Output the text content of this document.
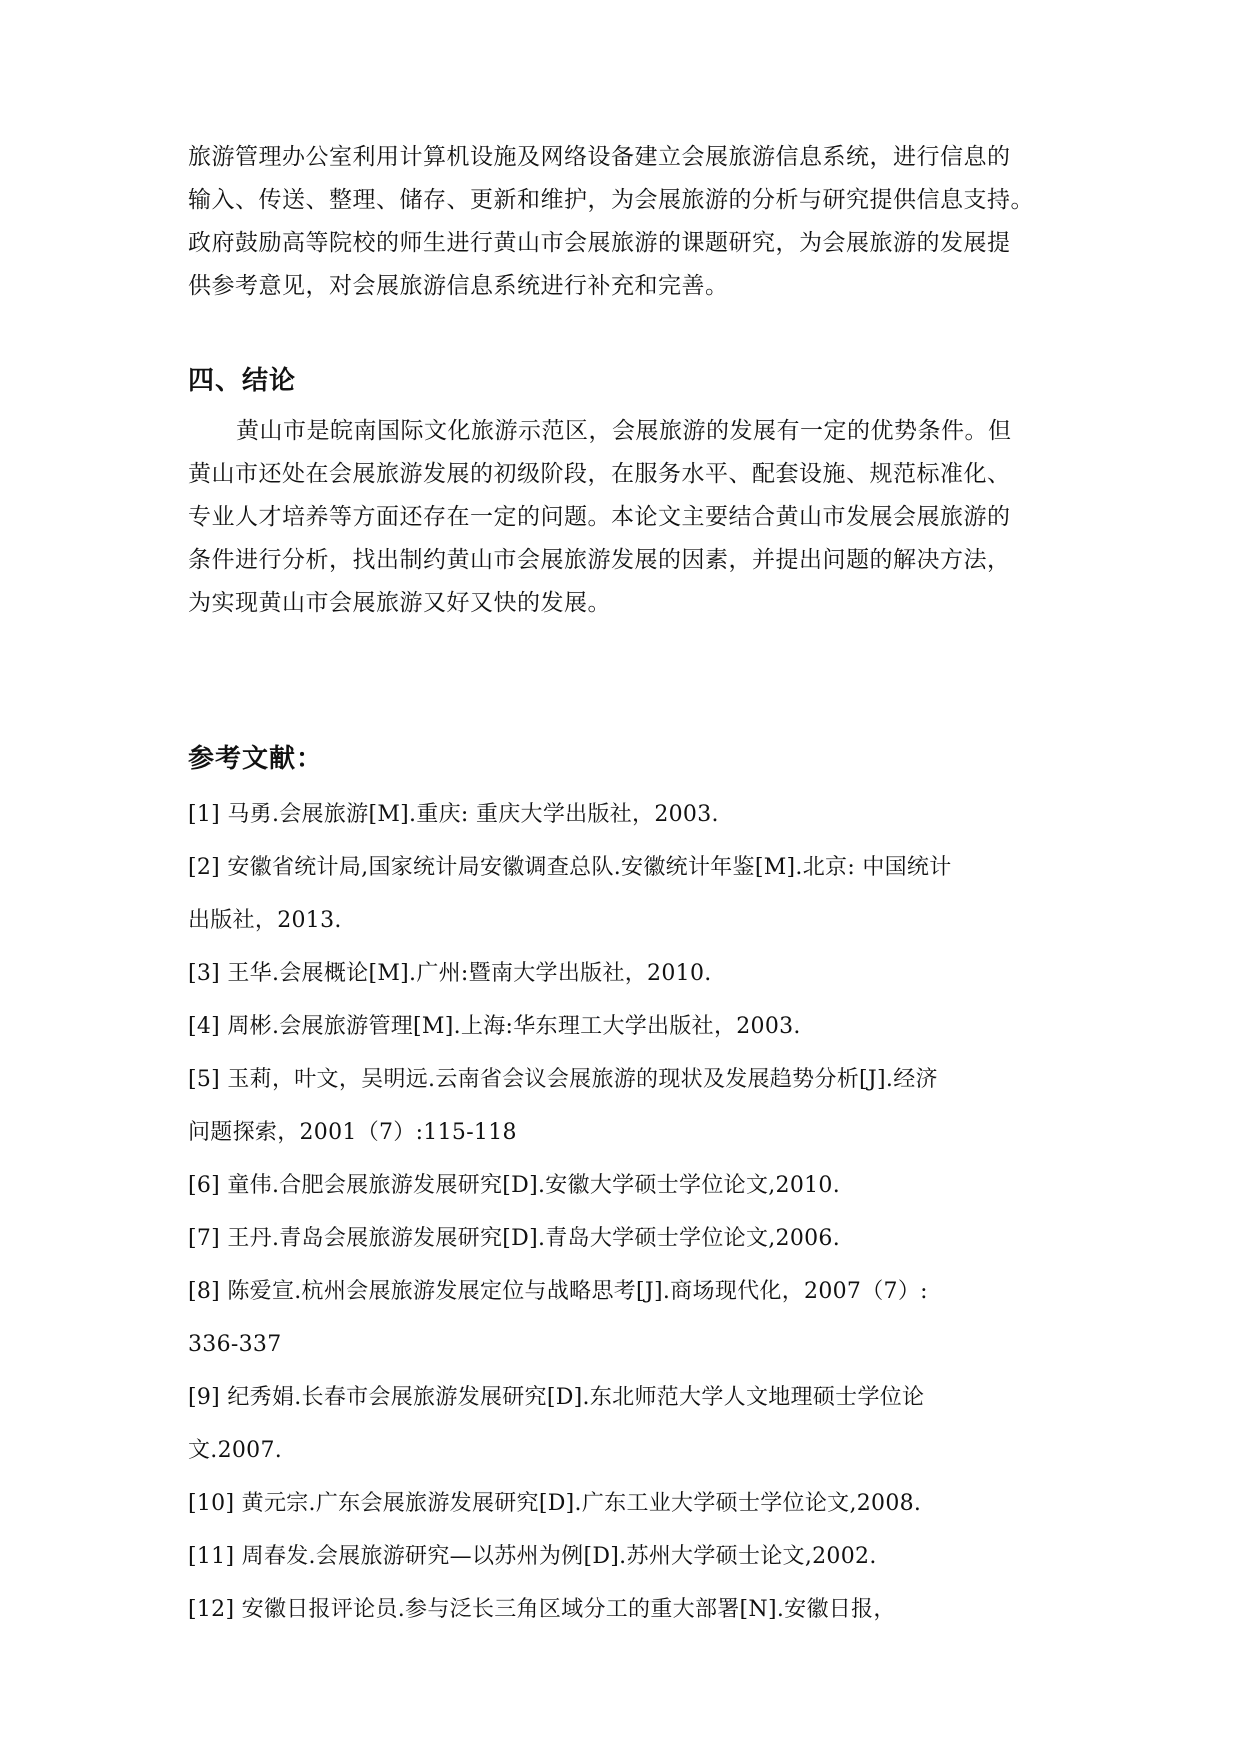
旅游管理办公室利用计算机设施及网络设备建立会展旅游信息系统，进行信息的
输入、传送、整理、储存、更新和维护，为会展旅游的分析与研究提供信息支持。
政府鼓励高等院校的师生进行黄山市会展旅游的课题研究，为会展旅游的发展提
供参考意见，对会展旅游信息系统进行补充和完善。
四、结论
黄山市是皖南国际文化旅游示范区，会展旅游的发展有一定的优势条件。但
黄山市还处在会展旅游发展的初级阶段，在服务水平、配套设施、规范标准化、
专业人才培养等方面还存在一定的问题。本论文主要结合黄山市发展会展旅游的
条件进行分析，找出制约黄山市会展旅游发展的因素，并提出问题的解决方法，
为实现黄山市会展旅游又好又快的发展。
参考文献：
[1] 马勇.会展旅游[M].重庆: 重庆大学出版社，2003.
[2] 安徽省统计局,国家统计局安徽调查总队.安徽统计年鉴[M].北京: 中国统计
出版社，2013.
[3] 王华.会展概论[M].广州:暨南大学出版社，2010.
[4] 周彬.会展旅游管理[M].上海:华东理工大学出版社，2003.
[5] 玉莉，叶文，吴明远.云南省会议会展旅游的现状及发展趋势分析[J].经济
问题探索，2001（7）:115-118
[6] 童伟.合肥会展旅游发展研究[D].安徽大学硕士学位论文,2010.
[7] 王丹.青岛会展旅游发展研究[D].青岛大学硕士学位论文,2006.
[8] 陈爱宣.杭州会展旅游发展定位与战略思考[J].商场现代化，2007（7）:
336-337
[9] 纪秀娟.长春市会展旅游发展研究[D].东北师范大学人文地理硕士学位论
文.2007.
[10] 黄元宗.广东会展旅游发展研究[D].广东工业大学硕士学位论文,2008.
[11] 周春发.会展旅游研究—以苏州为例[D].苏州大学硕士论文,2002.
[12] 安徽日报评论员.参与泛长三角区域分工的重大部署[N].安徽日报，
